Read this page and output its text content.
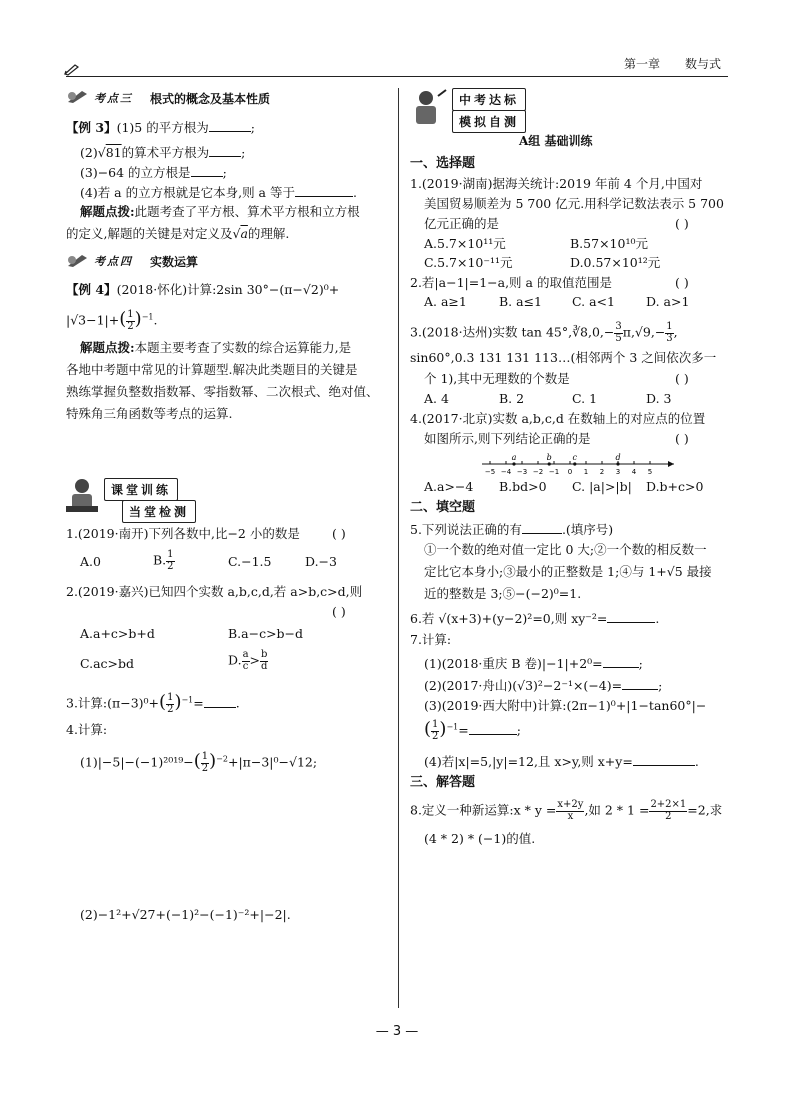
第一章 数与式
考点三 根式的概念及基本性质
【例 3】(1)5 的平方根为	;
(2)√81的算术平方根为	;
(3)−64 的立方根是	;
(4)若 a 的立方根就是它本身,则 a 等于	.
解题点拨:此题考查了平方根、算术平方根和立方根
的定义,解题的关键是对定义及√a的理解.
考点四 实数运算
【例 4】(2018·怀化)计算:2sin 30°−(π−√2)⁰+
$|√3-1|+( \frac{1}{2} )^{-1}$.
解题点拨:本题主要考查了实数的综合运算能力,是
各地中考题中常见的计算题型.解决此类题目的关键是
熟练掌握负整数指数幂、零指数幂、二次根式、绝对值、
特殊角三角函数等考点的运算.
课堂训练
当堂检测
1.(2019·南开)下列各数中,比−2 小的数是	( )
A.0	B. $\frac{1}{2}$	C.−1.5	D.−3
2.(2019·嘉兴)已知四个实数 a,b,c,d,若 a>b,c>d,则
( )
A.a+c>b+d	B.a−c>b−d
C.ac>bd	D. $\frac{a}{c} > \frac{b}{d}$
3.计算:(π−3)⁰+( $\frac{1}{2} )^{-1}=$	.
4.计算:
$(1)|-5|-(-1)^{2019}-( \frac{1}{2} )^{-2}+|\pi-3|^0-√12$;
(2)−1²+√27+(−1)²−(−1)⁻²+|−2|.
中考达标
模拟自测
A组 基础训练
一、选择题
1.(2019·湖南)据海关统计:2019 年前 4 个月,中国对
美国贸易顺差为 5 700 亿元.用科学记数法表示 5 700
亿元正确的是	( )
A.5.7×10¹¹元	B.57×10¹⁰元
C.5.7×10⁻¹¹元	D.0.57×10¹²元
2.若|a−1|=1−a,则 a 的取值范围是	( )
A. a≥1	B. a≤1 C. a<1 D. a>1
3.(2018·达州)实数 tan 45°,∛8,0,− $\frac{3}{5} \pi,√9,- \frac{1}{3}$ ,
sin60°,0.3 131 131 113…(相邻两个 3 之间依次多一
个 1),其中无理数的个数是	( )
A. 4	B. 2	C. 1	D. 3
4.(2017·北京)实数 a,b,c,d 在数轴上的对应点的位置
如图所示,则下列结论正确的是	( )
−5 −4 −3 −2 −1 0 1 2 3 4 5
a	b	c	d
A.a>−4 B.bd>0 C. |a|>|b| D.b+c>0
二、填空题
5.下列说法正确的有	.(填序号)
①一个数的绝对值一定比 0 大;②一个数的相反数一
定比它本身小;③最小的正整数是 1;④与 1+√5 最接
近的整数是 3;⑤−(−2)⁰=1.
6.若 √(x+3)+(y−2)²=0,则 xy⁻²=	.
7.计算:
(1)(2018·重庆 B 卷)|−1|+2⁰=	;
(2)(2017·舟山)(√3)²−2⁻¹×(−4)=	;
(3)(2019·西大附中)计算:(2π−1)⁰+|1−tan60°|−
( $\frac{1}{2} )^{-1}=$	;
(4)若|x|=5,|y|=12,且 x>y,则 x+y=	.
三、解答题
8.定义一种新运算:x * $y = \frac{x+2y}{x}$ ,如 $2 * 1 = \frac{2+2\times 1}{2} =2$,求
(4 * 2) * (−1)的值.
— 3 —
